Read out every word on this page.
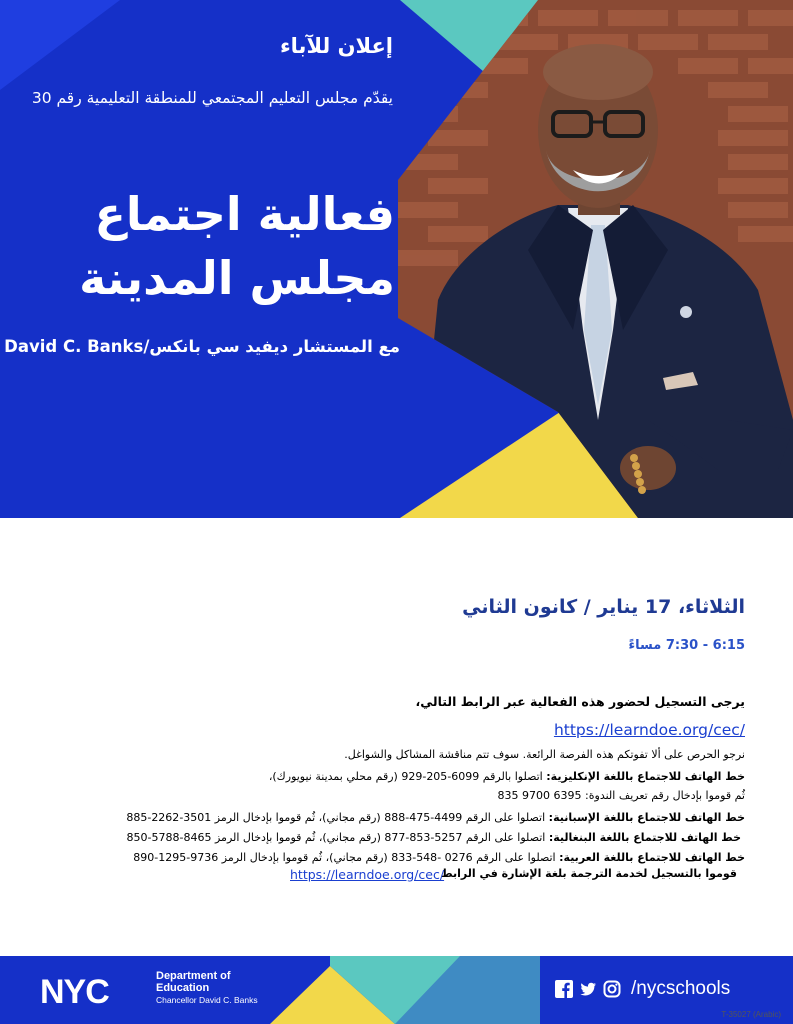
إعلان للآباء
يقدّم مجلس التعليم المجتمعي للمنطقة التعليمية رقم 30
فعالية اجتماع
مجلس المدينة
مع المستشار ديفيد سي بانكس/David C. Banks
الثلاثاء، 17 يناير / كانون الثاني
6:15 - 7:30 مساءً
يرجى التسجيل لحضور هذه الفعالية عبر الرابط التالي،
https://learndoe.org/cec/
نرجو الحرص على ألا تفوتكم هذه الفرصة الرائعة. سوف تتم مناقشة المشاكل والشواغل.
خط الهاتف للاجتماع باللغة الإنكليزية: اتصلوا بالرقم 6099-205-929 (رقم محلي بمدينة نيويورك)،
ثُم قوموا بإدخال رقم تعريف الندوة: 6395 9700 835
خط الهاتف للاجتماع باللغة الإسبانية: اتصلوا على الرقم 4499-475-888 (رقم مجاني)، ثُم قوموا بإدخال الرمز 3501-2262-885
خط الهاتف للاجتماع باللغة البنغالية: اتصلوا على الرقم 5257-853-877 (رقم مجاني)، ثُم قوموا بإدخال الرمز 8465-5788-850
خط الهاتف للاجتماع باللغة العربية: اتصلوا على الرقم 0276 -548-833 (رقم مجاني)، ثُم قوموا بإدخال الرمز 9736-1295-890
قوموا بالتسجيل لخدمة الترجمة بلغة الإشارة في الرابط
https://learndoe.org/cec/
NYC	Department of
Education
Chancellor David C. Banks
/nycschools
T-35027 (Arabic)
